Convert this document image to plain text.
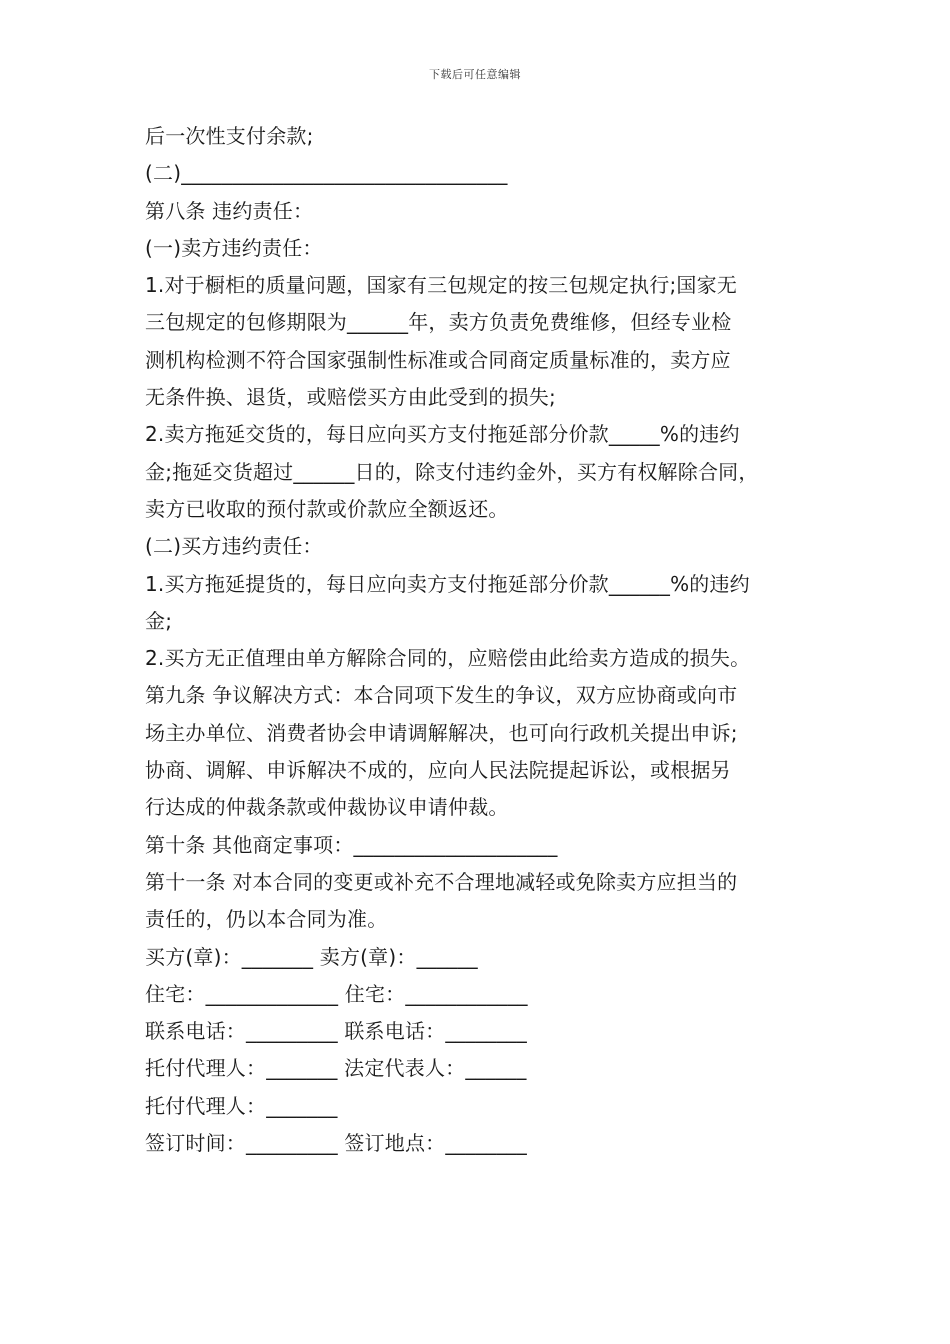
下载后可任意编辑
后一次性支付余款;
(二)________________________________
第八条 违约责任：
(一)卖方违约责任：
1.对于橱柜的质量问题，国家有三包规定的按三包规定执行;国家无
三包规定的包修期限为______年，卖方负责免费维修，但经专业检
测机构检测不符合国家强制性标准或合同商定质量标准的，卖方应
无条件换、退货，或赔偿买方由此受到的损失;
2.卖方拖延交货的，每日应向买方支付拖延部分价款_____%的违约
金;拖延交货超过______日的，除支付违约金外，买方有权解除合同，
卖方已收取的预付款或价款应全额返还。
(二)买方违约责任：
1.买方拖延提货的，每日应向卖方支付拖延部分价款______%的违约
金;
2.买方无正值理由单方解除合同的，应赔偿由此给卖方造成的损失。
第九条 争议解决方式：本合同项下发生的争议，双方应协商或向市
场主办单位、消费者协会申请调解解决，也可向行政机关提出申诉;
协商、调解、申诉解决不成的，应向人民法院提起诉讼，或根据另
行达成的仲裁条款或仲裁协议申请仲裁。
第十条 其他商定事项：____________________
第十一条 对本合同的变更或补充不合理地减轻或免除卖方应担当的
责任的，仍以本合同为准。
买方(章)：_______ 卖方(章)：______
住宅：_____________ 住宅：____________
联系电话：_________ 联系电话：________
托付代理人：_______ 法定代表人：______
托付代理人：_______
签订时间：_________ 签订地点：________
